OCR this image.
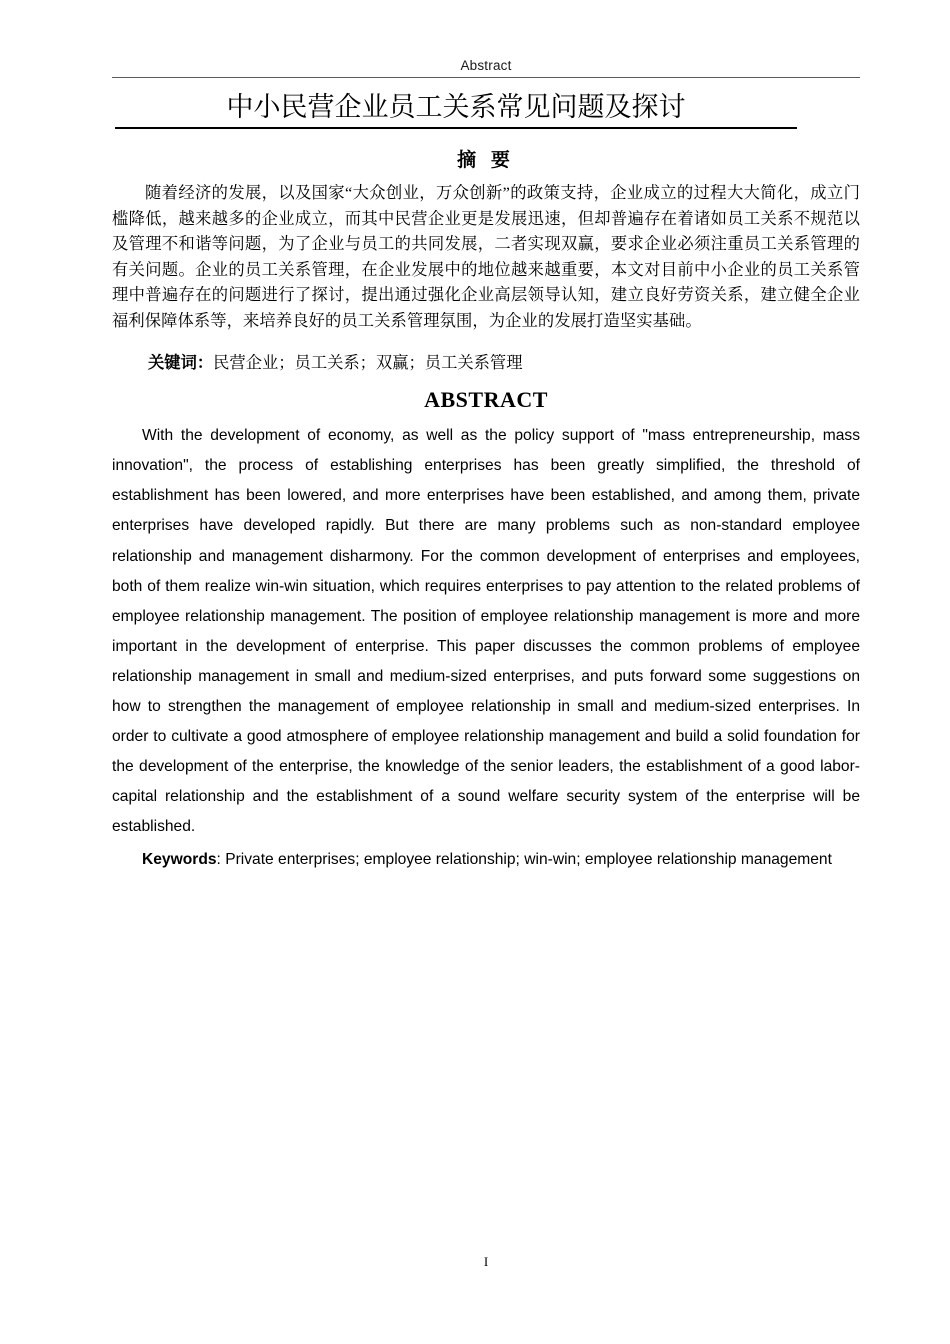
Abstract
中小民营企业员工关系常见问题及探讨
摘 要

随着经济的发展，以及国家“大众创业，万众创新”的政策支持，企业成立的过程大大简化，成立门槛降低，越来越多的企业成立，而其中民营企业更是发展迅速，但却普遍存在着诸如员工关系不规范以及管理不和谐等问题，为了企业与员工的共同发展，二者实现双赢，要求企业必须注重员工关系管理的有关问题。企业的员工关系管理，在企业发展中的地位越来越重要，本文对目前中小企业的员工关系管理中普遍存在的问题进行了探讨，提出通过强化企业高层领导认知，建立良好劳资关系，建立健全企业福利保障体系等，来培养良好的员工关系管理氛围，为企业的发展打造坚实基础。

关键词：民营企业；员工关系；双赢；员工关系管理

ABSTRACT

With the development of economy, as well as the policy support of "mass entrepreneurship, mass innovation", the process of establishing enterprises has been greatly simplified, the threshold of establishment has been lowered, and more enterprises have been established, and among them, private enterprises have developed rapidly. But there are many problems such as non-standard employee relationship and management disharmony. For the common development of enterprises and employees, both of them realize win-win situation, which requires enterprises to pay attention to the related problems of employee relationship management. The position of employee relationship management is more and more important in the development of enterprise. This paper discusses the common problems of employee relationship management in small and medium-sized enterprises, and puts forward some suggestions on how to strengthen the management of employee relationship in small and medium-sized enterprises. In order to cultivate a good atmosphere of employee relationship management and build a solid foundation for the development of the enterprise, the knowledge of the senior leaders, the establishment of a good labor-capital relationship and the establishment of a sound welfare security system of the enterprise will be established.

Keywords: Private enterprises; employee relationship; win-win; employee relationship management

I
